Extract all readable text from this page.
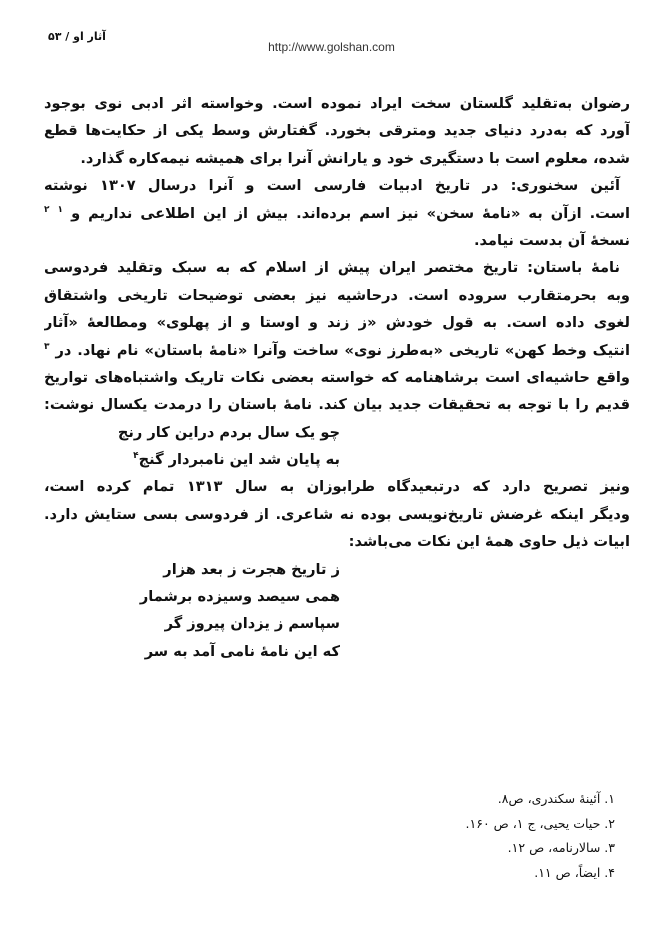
آثار او / ۵۳
http://www.golshan.com
رضوان به‌تقلید گلستان سخت ایراد نموده است. وخواسته اثر ادبی نوی بوجود
آورد که به‌درد دنیای جدید ومترقی بخورد. گفتارش وسط یکی از حکایت‌ها قطع
شده، معلوم است با دستگیری خود و یارانش آنرا برای همیشه نیمه‌کاره گذارد.
آئین سخنوری: در تاریخ ادبیات فارسی است و آنرا درسال ۱۳۰۷ نوشته
است. ازآن به «نامهٔ سخن» نیز اسم برده‌اند. بیش از این اطلاعی نداریم و $^۱$ $^۲$
نسخهٔ آن بدست نیامد.
نامهٔ باستان: تاریخ مختصر ایران پیش از اسلام که به سبک وتقلید فردوسی
وبه بحرمتقارب سروده است. درحاشیه نیز بعضی توضیحات تاریخی واشتقاق
لغوی داده است. به قول خودش «ز زند و اوستا و از پهلوی» ومطالعهٔ «آثار
انتیک وخط کهن» تاریخی «به‌طرز نوی» ساخت وآنرا «نامهٔ باستان» نام نهاد. در $^۳$
واقع حاشیه‌ای است برشاهنامه که خواسته بعضی نکات تاریک واشتباه‌های تواریخ
قدیم را با توجه به تحقیقات جدید بیان کند. نامهٔ باستان را درمدت یکسال نوشت:
چو یک سال بردم دراین کار رنج
به پایان شد این نامبردار گنج$^۴$
ونیز تصریح دارد که درتبعیدگاه طرابوزان به سال ۱۳۱۳ تمام کرده است،
ودیگر اینکه غرضش تاریخ‌نویسی بوده نه شاعری. از فردوسی بسی ستایش دارد.
ابیات ذیل حاوی همهٔ این نکات می‌باشد:
ز تاریخ هجرت ز بعد هزار
همی سیصد وسیزده برشمار
سپاسم ز یزدان پیروز گر
که این نامهٔ نامی آمد به سر
۱. آئینهٔ سکندری، ص۸.
۲. حیات یحیی، ج ۱، ص ۱۶۰.
۳. سالارنامه، ص ۱۲.
۴. ایضاً، ص ۱۱.
